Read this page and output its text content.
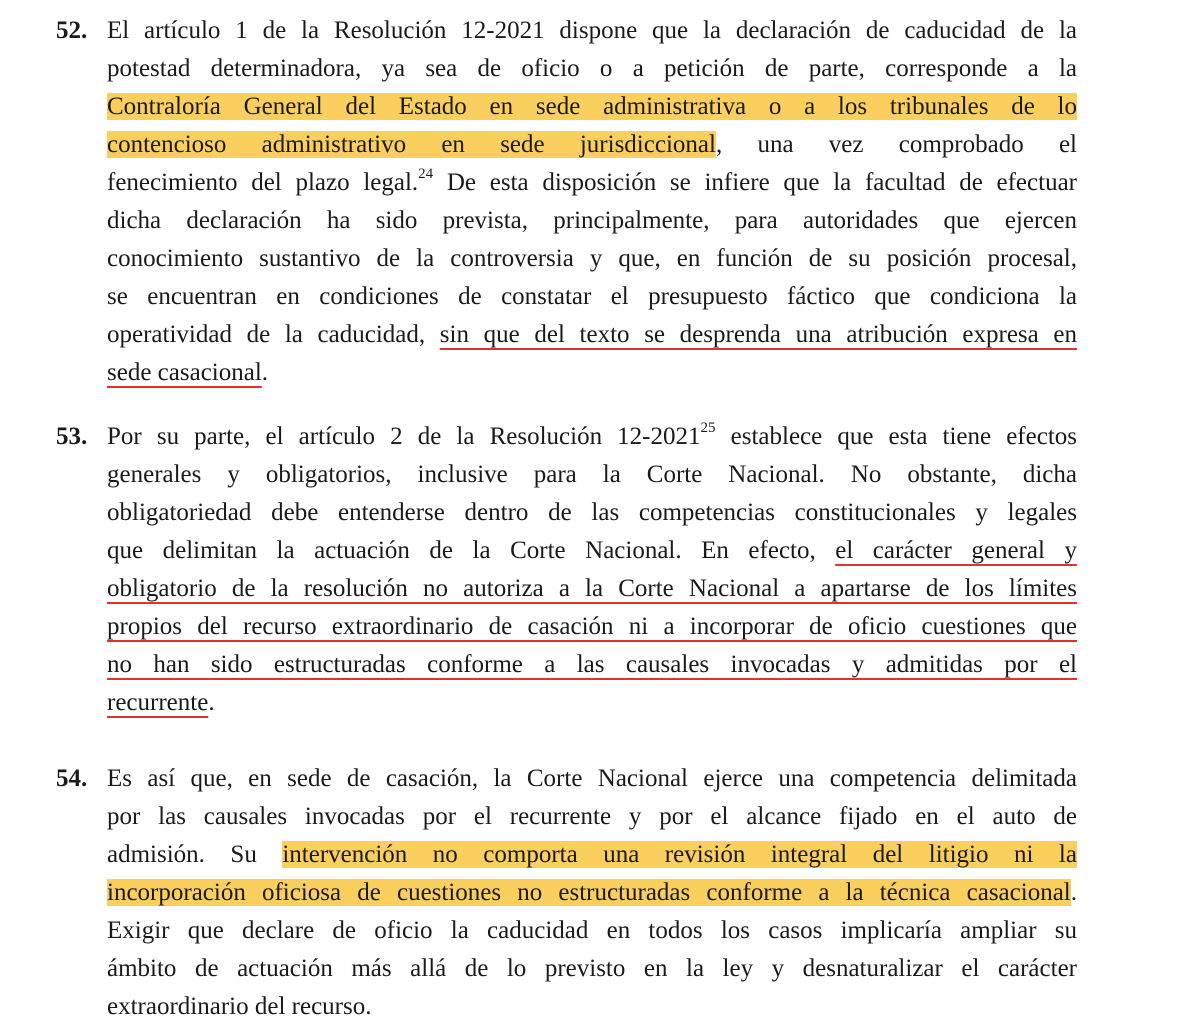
52. El artículo 1 de la Resolución 12-2021 dispone que la declaración de caducidad de la
potestad determinadora, ya sea de oficio o a petición de parte, corresponde a la
Contraloría General del Estado en sede administrativa o a los tribunales de lo
contencioso administrativo en sede jurisdiccional, una vez comprobado el
fenecimiento del plazo legal.$^{24}$ De esta disposición se infiere que la facultad de efectuar
dicha declaración ha sido prevista, principalmente, para autoridades que ejercen
conocimiento sustantivo de la controversia y que, en función de su posición procesal,
se encuentran en condiciones de constatar el presupuesto fáctico que condiciona la
operatividad de la caducidad, sin que del texto se desprenda una atribución expresa en
sede casacional.
53. Por su parte, el artículo 2 de la Resolución 12-2021$^{25}$ establece que esta tiene efectos
generales y obligatorios, inclusive para la Corte Nacional. No obstante, dicha
obligatoriedad debe entenderse dentro de las competencias constitucionales y legales
que delimitan la actuación de la Corte Nacional. En efecto, el carácter general y
obligatorio de la resolución no autoriza a la Corte Nacional a apartarse de los límites
propios del recurso extraordinario de casación ni a incorporar de oficio cuestiones que
no han sido estructuradas conforme a las causales invocadas y admitidas por el
recurrente.
54. Es así que, en sede de casación, la Corte Nacional ejerce una competencia delimitada
por las causales invocadas por el recurrente y por el alcance fijado en el auto de
admisión. Su intervención no comporta una revisión integral del litigio ni la
incorporación oficiosa de cuestiones no estructuradas conforme a la técnica casacional.
Exigir que declare de oficio la caducidad en todos los casos implicaría ampliar su
ámbito de actuación más allá de lo previsto en la ley y desnaturalizar el carácter
extraordinario del recurso.
